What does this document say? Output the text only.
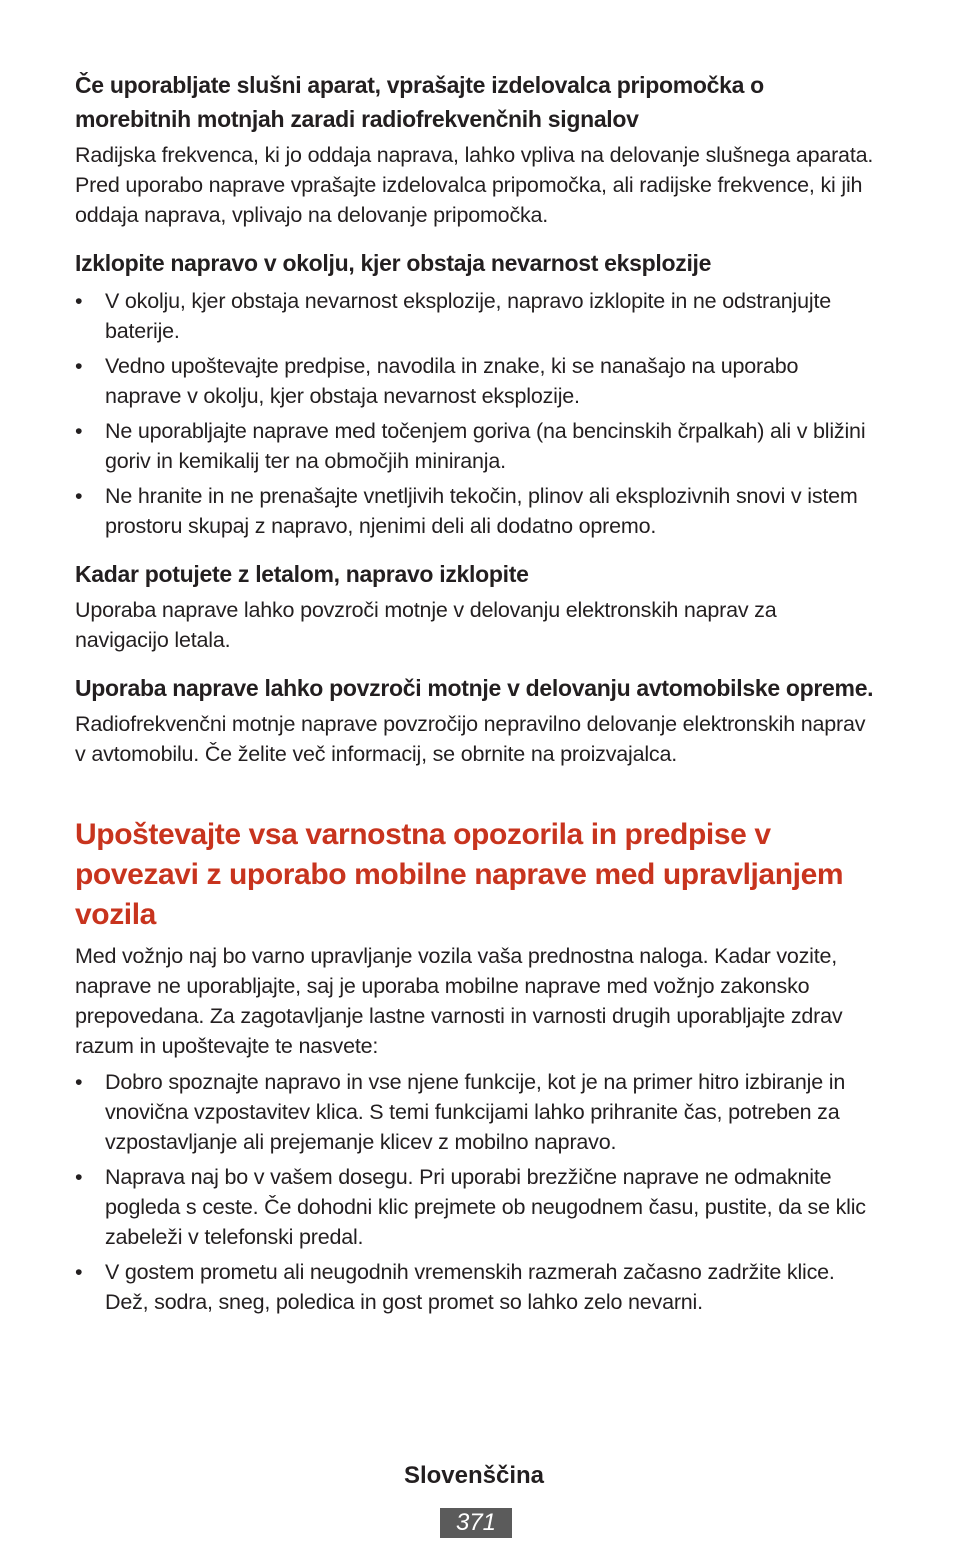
Če uporabljate slušni aparat, vprašajte izdelovalca pripomočka o morebitnih motnjah zaradi radiofrekvenčnih signalov

Radijska frekvenca, ki jo oddaja naprava, lahko vpliva na delovanje slušnega aparata. Pred uporabo naprave vprašajte izdelovalca pripomočka, ali radijske frekvence, ki jih oddaja naprava, vplivajo na delovanje pripomočka.

Izklopite napravo v okolju, kjer obstaja nevarnost eksplozije

•	V okolju, kjer obstaja nevarnost eksplozije, napravo izklopite in ne odstranjujte baterije.
•	Vedno upoštevajte predpise, navodila in znake, ki se nanašajo na uporabo naprave v okolju, kjer obstaja nevarnost eksplozije.
•	Ne uporabljajte naprave med točenjem goriva (na bencinskih črpalkah) ali v bližini goriv in kemikalij ter na območjih miniranja.
•	Ne hranite in ne prenašajte vnetljivih tekočin, plinov ali eksplozivnih snovi v istem prostoru skupaj z napravo, njenimi deli ali dodatno opremo.

Kadar potujete z letalom, napravo izklopite

Uporaba naprave lahko povzroči motnje v delovanju elektronskih naprav za navigacijo letala.

Uporaba naprave lahko povzroči motnje v delovanju avtomobilske opreme.

Radiofrekvenčni motnje naprave povzročijo nepravilno delovanje elektronskih naprav v avtomobilu. Če želite več informacij, se obrnite na proizvajalca.

Upoštevajte vsa varnostna opozorila in predpise v povezavi z uporabo mobilne naprave med upravljanjem vozila

Med vožnjo naj bo varno upravljanje vozila vaša prednostna naloga. Kadar vozite, naprave ne uporabljajte, saj je uporaba mobilne naprave med vožnjo zakonsko prepovedana. Za zagotavljanje lastne varnosti in varnosti drugih uporabljajte zdrav razum in upoštevajte te nasvete:

•	Dobro spoznajte napravo in vse njene funkcije, kot je na primer hitro izbiranje in vnovična vzpostavitev klica. S temi funkcijami lahko prihranite čas, potreben za vzpostavljanje ali prejemanje klicev z mobilno napravo.
•	Naprava naj bo v vašem dosegu. Pri uporabi brezžične naprave ne odmaknite pogleda s ceste. Če dohodni klic prejmete ob neugodnem času, pustite, da se klic zabeleži v telefonski predal.
•	V gostem prometu ali neugodnih vremenskih razmerah začasno zadržite klice. Dež, sodra, sneg, poledica in gost promet so lahko zelo nevarni.
Slovenščina
371
